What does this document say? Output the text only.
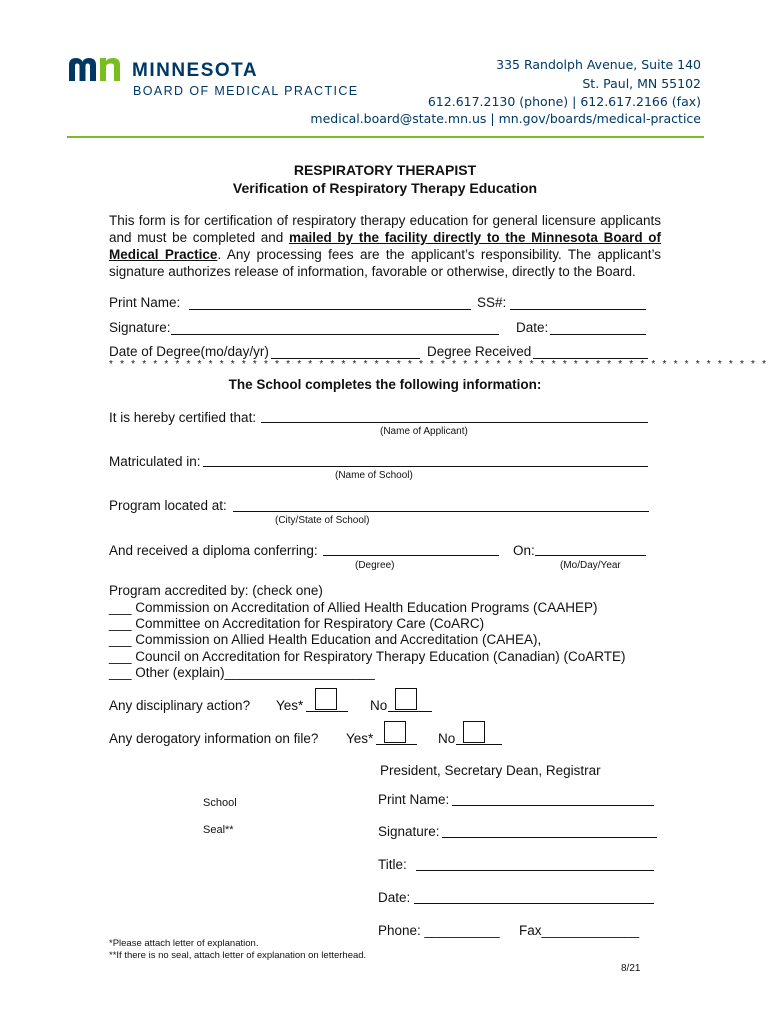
MINNESOTA
BOARD OF MEDICAL PRACTICE
335 Randolph Avenue, Suite 140
St. Paul, MN 55102
612.617.2130 (phone) | 612.617.2166 (fax)
medical.board@state.mn.us | mn.gov/boards/medical-practice
RESPIRATORY THERAPIST
Verification of Respiratory Therapy Education
This form is for certification of respiratory therapy education for general licensure applicants and must be completed and mailed by the facility directly to the Minnesota Board of Medical Practice. Any processing fees are the applicant’s responsibility. The applicant’s signature authorizes release of information, favorable or otherwise, directly to the Board.
Print Name:	SS#:
Signature:	Date:
Date of Degree(mo/day/yr)	Degree Received
* * * * * * * * * * * * * * * * * * * * * * * * * * * * * * * * * * * * * * * * * * * * * * * * * * * * * * * * * * * *
The School completes the following information:
It is hereby certified that:
(Name of Applicant)
Matriculated in:
(Name of School)
Program located at:
(City/State of School)
And received a diploma conferring:	On:
(Degree)	(Mo/Day/Year
Program accredited by: (check one)
___ Commission on Accreditation of Allied Health Education Programs (CAAHEP)
___ Committee on Accreditation for Respiratory Care (CoARC)
___ Commission on Allied Health Education and Accreditation (CAHEA),
___ Council on Accreditation for Respiratory Therapy Education (Canadian) (CoARTE)
___ Other (explain)____________________
Any disciplinary action? Yes*	No
Any derogatory information on file? Yes*	No
President, Secretary Dean, Registrar
School
Seal**
Print Name:
Signature:
Title:
Date:
Phone: __________ Fax_____________
*Please attach letter of explanation.
**If there is no seal, attach letter of explanation on letterhead.
8/21
